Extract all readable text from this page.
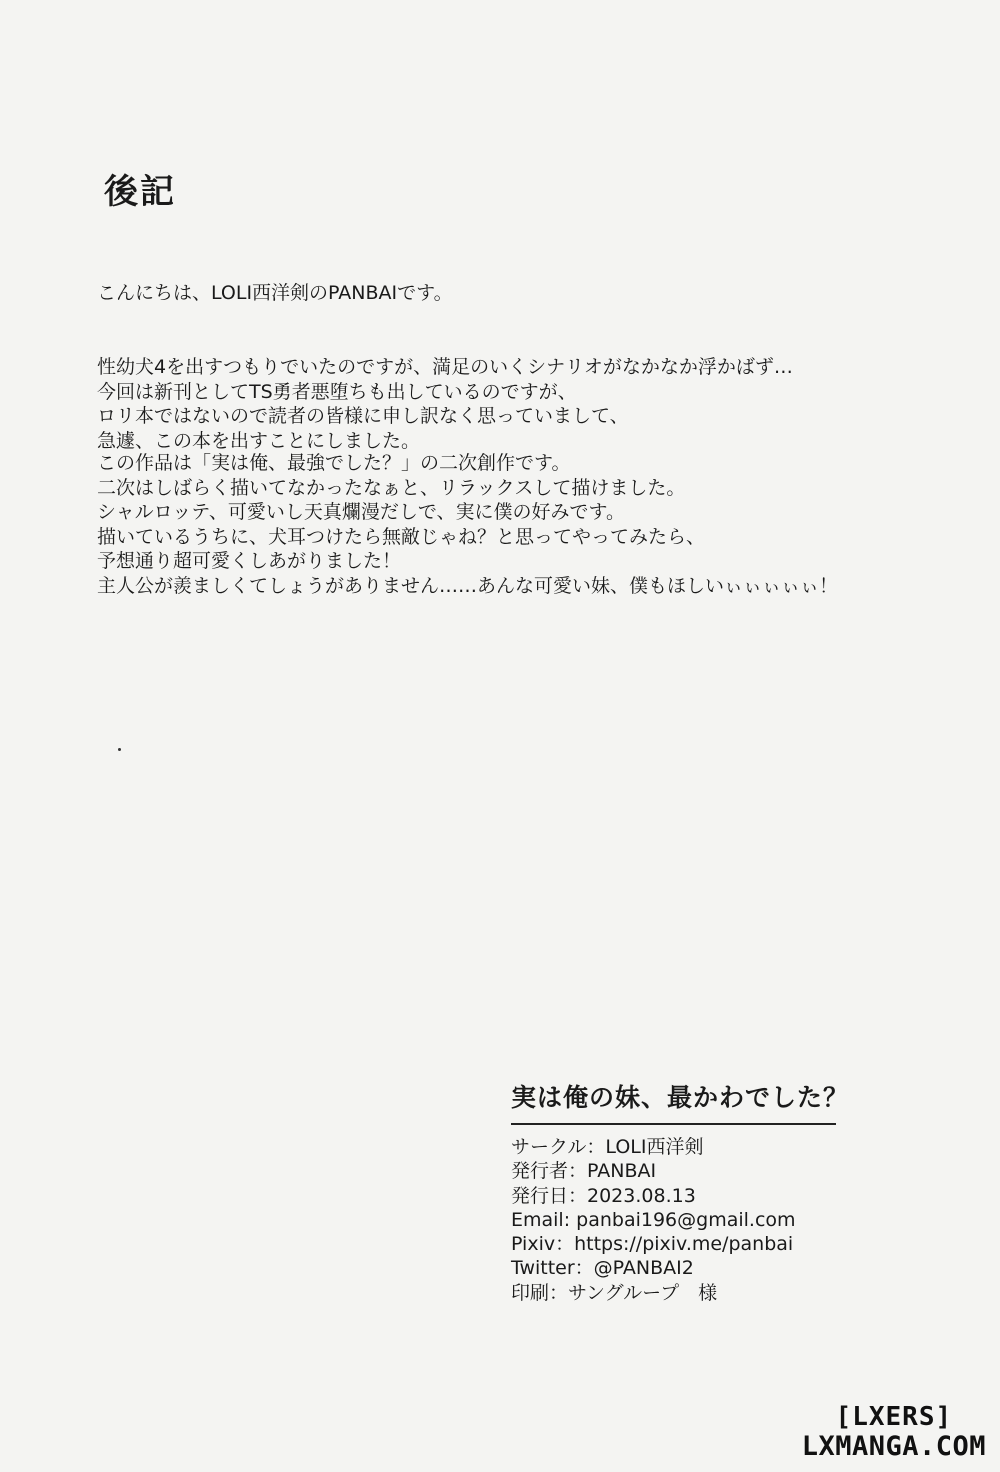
後記
こんにちは、LOLI西洋剣のPANBAIです。
性幼犬4を出すつもりでいたのですが、満足のいくシナリオがなかなか浮かばず…
今回は新刊としてTS勇者悪堕ちも出しているのですが、
ロリ本ではないので読者の皆様に申し訳なく思っていまして、
急遽、この本を出すことにしました。
この作品は「実は俺、最強でした？」の二次創作です。
二次はしばらく描いてなかったなぁと、リラックスして描けました。
シャルロッテ、可愛いし天真爛漫だしで、実に僕の好みです。
描いているうちに、犬耳つけたら無敵じゃね？と思ってやってみたら、
予想通り超可愛くしあがりました！
主人公が羨ましくてしょうがありません……あんな可愛い妹、僕もほしいぃぃぃぃぃ！
実は俺の妹、最かわでした？
サークル：LOLI西洋剣
発行者：PANBAI
発行日：2023.08.13
Email: panbai196@gmail.com
Pixiv：https://pixiv.me/panbai
Twitter：@PANBAI2
印刷：サングループ　様
[LXERS]
LXMANGA.COM
